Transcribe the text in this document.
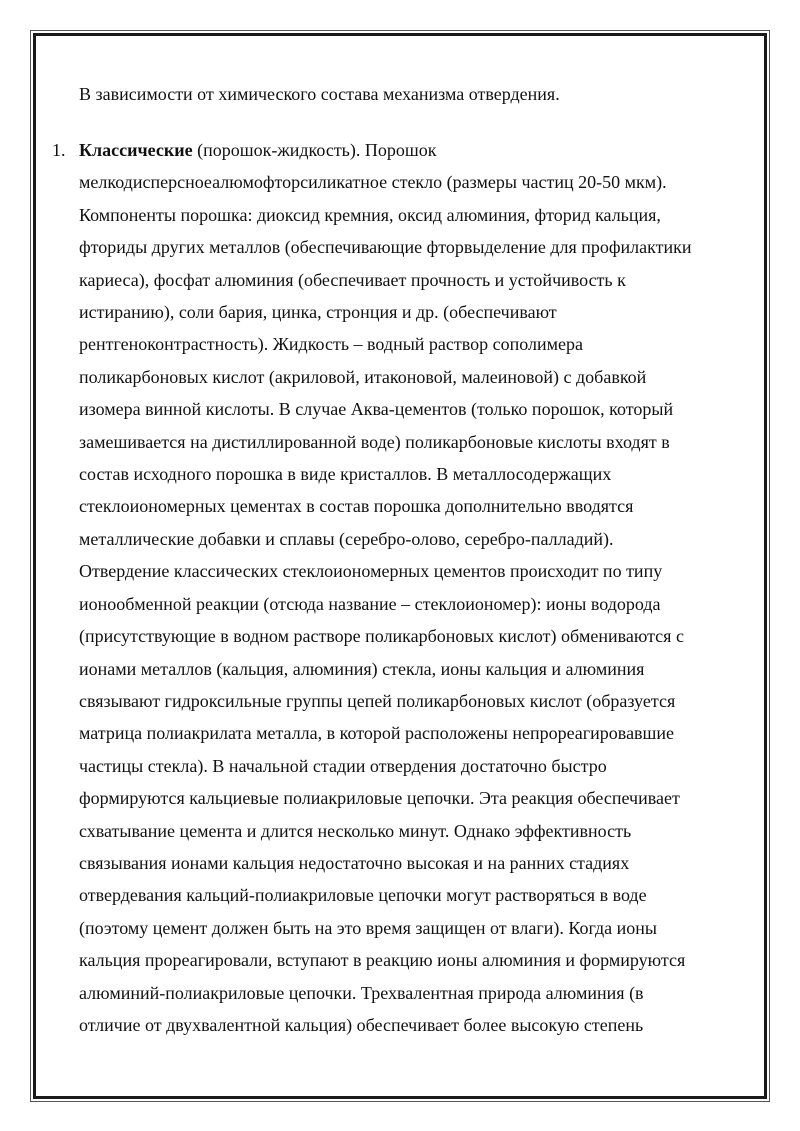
В зависимости от химического состава механизма отвердения.

1. Классические (порошок-жидкость). Порошок
мелкодисперсноеалюмофторсиликатное стекло (размеры частиц 20-50 мкм).
Компоненты порошка: диоксид кремния, оксид алюминия, фторид кальция,
фториды других металлов (обеспечивающие фторвыделение для профилактики
кариеса), фосфат алюминия (обеспечивает прочность и устойчивость к
истиранию), соли бария, цинка, стронция и др. (обеспечивают
рентгеноконтрастность). Жидкость – водный раствор сополимера
поликарбоновых кислот (акриловой, итаконовой, малеиновой) с добавкой
изомера винной кислоты. В случае Аква-цементов (только порошок, который
замешивается на дистиллированной воде) поликарбоновые кислоты входят в
состав исходного порошка в виде кристаллов. В металлосодержащих
стеклоиономерных цементах в состав порошка дополнительно вводятся
металлические добавки и сплавы (серебро-олово, серебро-палладий).
Отвердение классических стеклоиономерных цементов происходит по типу
ионообменной реакции (отсюда название – стеклоиономер): ионы водорода
(присутствующие в водном растворе поликарбоновых кислот) обмениваются с
ионами металлов (кальция, алюминия) стекла, ионы кальция и алюминия
связывают гидроксильные группы цепей поликарбоновых кислот (образуется
матрица полиакрилата металла, в которой расположены непрореагировавшие
частицы стекла). В начальной стадии отвердения достаточно быстро
формируются кальциевые полиакриловые цепочки. Эта реакция обеспечивает
схватывание цемента и длится несколько минут. Однако эффективность
связывания ионами кальция недостаточно высокая и на ранних стадиях
отвердевания кальций-полиакриловые цепочки могут растворяться в воде
(поэтому цемент должен быть на это время защищен от влаги). Когда ионы
кальция прореагировали, вступают в реакцию ионы алюминия и формируются
алюминий-полиакриловые цепочки. Трехвалентная природа алюминия (в
отличие от двухвалентной кальция) обеспечивает более высокую степень
